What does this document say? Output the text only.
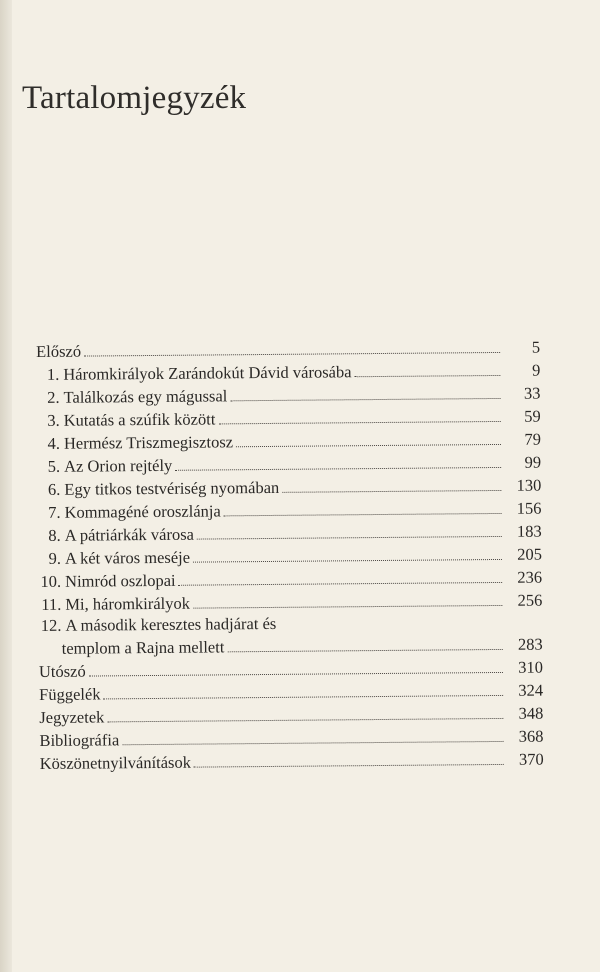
Tartalomjegyzék
Előszó	5
1. Háromkirályok Zarándokút Dávid városába	9
2. Találkozás egy mágussal	33
3. Kutatás a szúfik között	59
4. Hermész Triszmegisztosz	79
5. Az Orion rejtély	99
6. Egy titkos testvériség nyomában	130
7. Kommagéné oroszlánja	156
8. A pátriárkák városa	183
9. A két város meséje	205
10. Nimród oszlopai	236
11. Mi, háromkirályok	256
12. A második keresztes hadjárat és
templom a Rajna mellett	283
Utószó	310
Függelék	324
Jegyzetek	348
Bibliográfia	368
Köszönetnyilvánítások	370
